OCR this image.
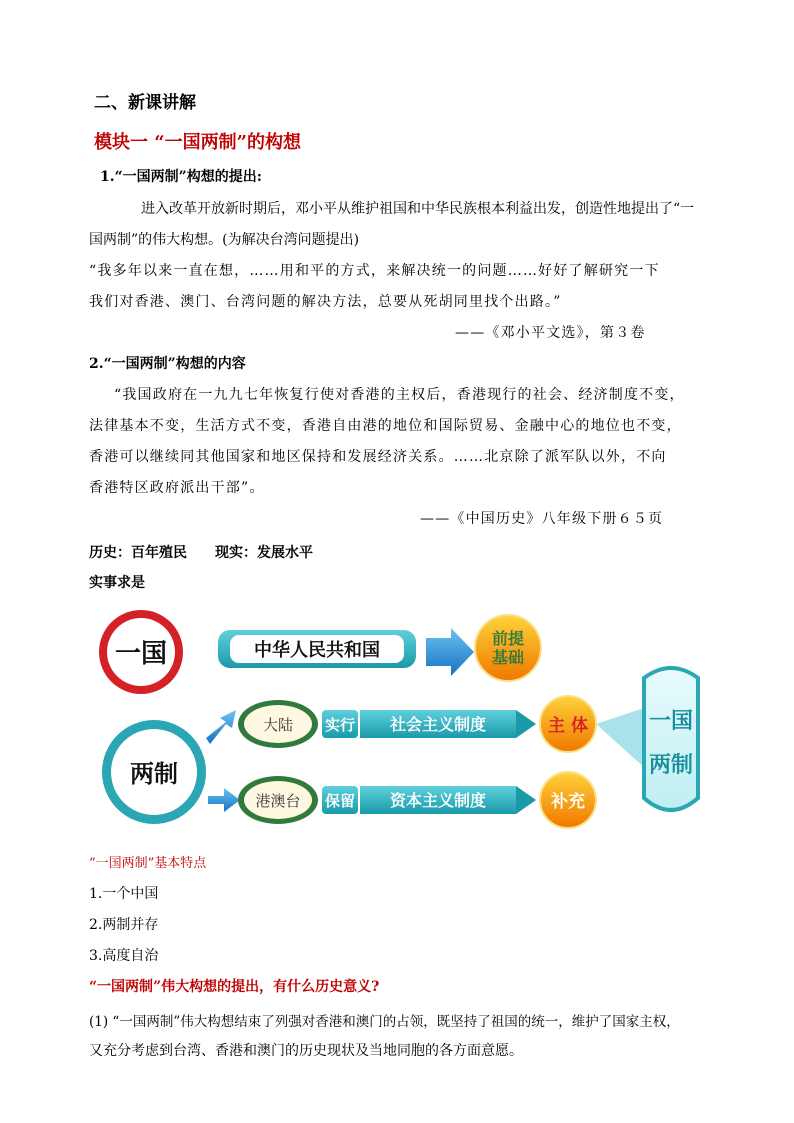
二、新课讲解
模块一 “一国两制”的构想
1.“一国两制”构想的提出:
进入改革开放新时期后，邓小平从维护祖国和中华民族根本利益出发，创造性地提出了“一
国两制”的伟大构想。(为解决台湾问题提出)
“我多年以来一直在想，……用和平的方式，来解决统一的问题……好好了解研究一下
我们对香港、澳门、台湾问题的解决方法，总要从死胡同里找个出路。”
——《邓小平文选》，第３卷
2.“一国两制”构想的内容
“我国政府在一九九七年恢复行使对香港的主权后，香港现行的社会、经济制度不变，
法律基本不变，生活方式不变，香港自由港的地位和国际贸易、金融中心的地位也不变，
香港可以继续同其他国家和地区保持和发展经济关系。……北京除了派军队以外，不向
香港特区政府派出干部”。
——《中国历史》八年级下册６５页
历史：百年殖民　　现实：发展水平
实事求是
一国	中华人民共和国
前提
基础
两制
大陆 实行 社会主义制度	主 体
港澳台 保留 资本主义制度	补充
一国
两制
“一国两制”基本特点
1.一个中国
2.两制并存
3.高度自治
“一国两制”伟大构想的提出，有什么历史意义?
(1) “一国两制”伟大构想结束了列强对香港和澳门的占领，既坚持了祖国的统一，维护了国家主权，
又充分考虑到台湾、香港和澳门的历史现状及当地同胞的各方面意愿。
